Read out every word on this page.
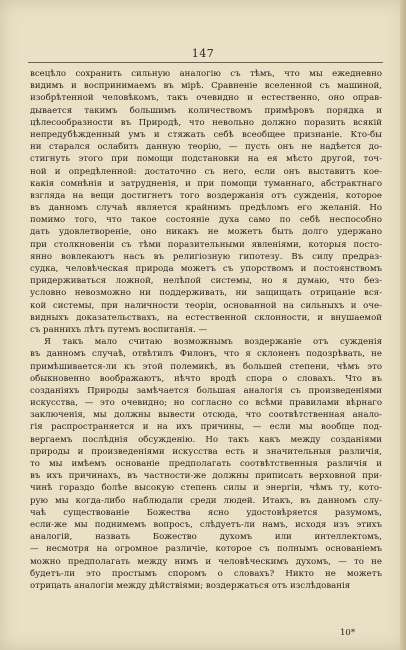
147
всецѣло сохранить сильную аналогію съ тѣмъ, что мы ежедневно
видимъ и воспринимаемъ въ мірѣ. Сравненіе вселенной съ машиной,
изобрѣтенной человѣкомъ, такъ очевидно и естественно, оно оправ-
дывается такимъ большимъ количествомъ примѣровъ порядка и
цѣлесообразности въ Природѣ, что невольно должно поразить всякій
непредубѣжденный умъ и стяжать себѣ всеобщее признаніе. Кто-бы
ни старался ослабить данную теорію, — пусть онъ не надѣется до-
стигнуть этого при помощи подстановки на ея мѣсто другой, точ-
ной и опредѣленной: достаточно съ него, если онъ выставитъ кое-
какія сомнѣнія и затрудненія, и при помощи туманнаго, абстрактнаго
взгляда на вещи достигнетъ того воздержанія отъ сужденія, которое
въ данномъ случаѣ является крайнимъ предѣломъ его желаній. Но
помимо того, что такое состояніе духа само по себѣ неспособно
дать удовлетвореніе, оно никакъ не можетъ быть долго удержано
при столкновеніи съ тѣми поразительными явленіями, которыя посто-
янно вовлекаютъ насъ въ религіозную гипотезу. Въ силу предраз-
судка, человѣческая природа можетъ съ упорствомъ и постоянствомъ
придерживаться ложной, нелѣпой системы, но я думаю, что без-
условно невозможно ни поддерживать, ни защищать отрицаніе вся-
кой системы, при наличности теоріи, основанной на сильныхъ и оче-
видныхъ доказательствахъ, на естественной склонности, и внушаемой
съ раннихъ лѣтъ путемъ воспитанія. —
Я такъ мало считаю возможнымъ воздержаніе отъ сужденія
въ данномъ случаѣ, отвѣтилъ Филонъ, что я склоненъ подозрѣвать, не
примѣшивается-ли къ этой полемикѣ, въ большей степени, чѣмъ это
обыкновенно воображаютъ, нѣчто вродѣ спора о словахъ. Что въ
созданіяхъ Природы замѣчается большая аналогія съ произведеніями
искусства, — это очевидно; но согласно со всѣми правилами вѣрнаго
заключенія, мы должны вывести отсюда, что соотвѣтственная анало-
гія распространяется и на ихъ причины, — если мы вообще под-
вергаемъ послѣднія обсужденію. Но такъ какъ между созданіями
природы и произведеніями искусства есть и значительныя различія,
то мы имѣемъ основаніе предполагать соотвѣтственныя различія и
въ ихъ причинахъ, въ частности-же должны приписать верховной при-
чинѣ гораздо болѣе высокую степень силы и энергіи, чѣмъ ту, кото-
рую мы когда-либо наблюдали среди людей. Итакъ, въ данномъ слу-
чаѣ существованіе Божества ясно удостовѣряется разумомъ,
если-же мы поднимемъ вопросъ, слѣдуетъ-ли намъ, исходя изъ этихъ
аналогій, назвать Божество духомъ или интеллектомъ,
— несмотря на огромное различіе, которое съ полнымъ основаніемъ
можно предполагать между нимъ и человѣческимъ духомъ, — то не
будетъ-ли это простымъ споромъ о словахъ? Никто не можетъ
отрицать аналогіи между дѣйствіями; воздержаться отъ изслѣдованія
10*
